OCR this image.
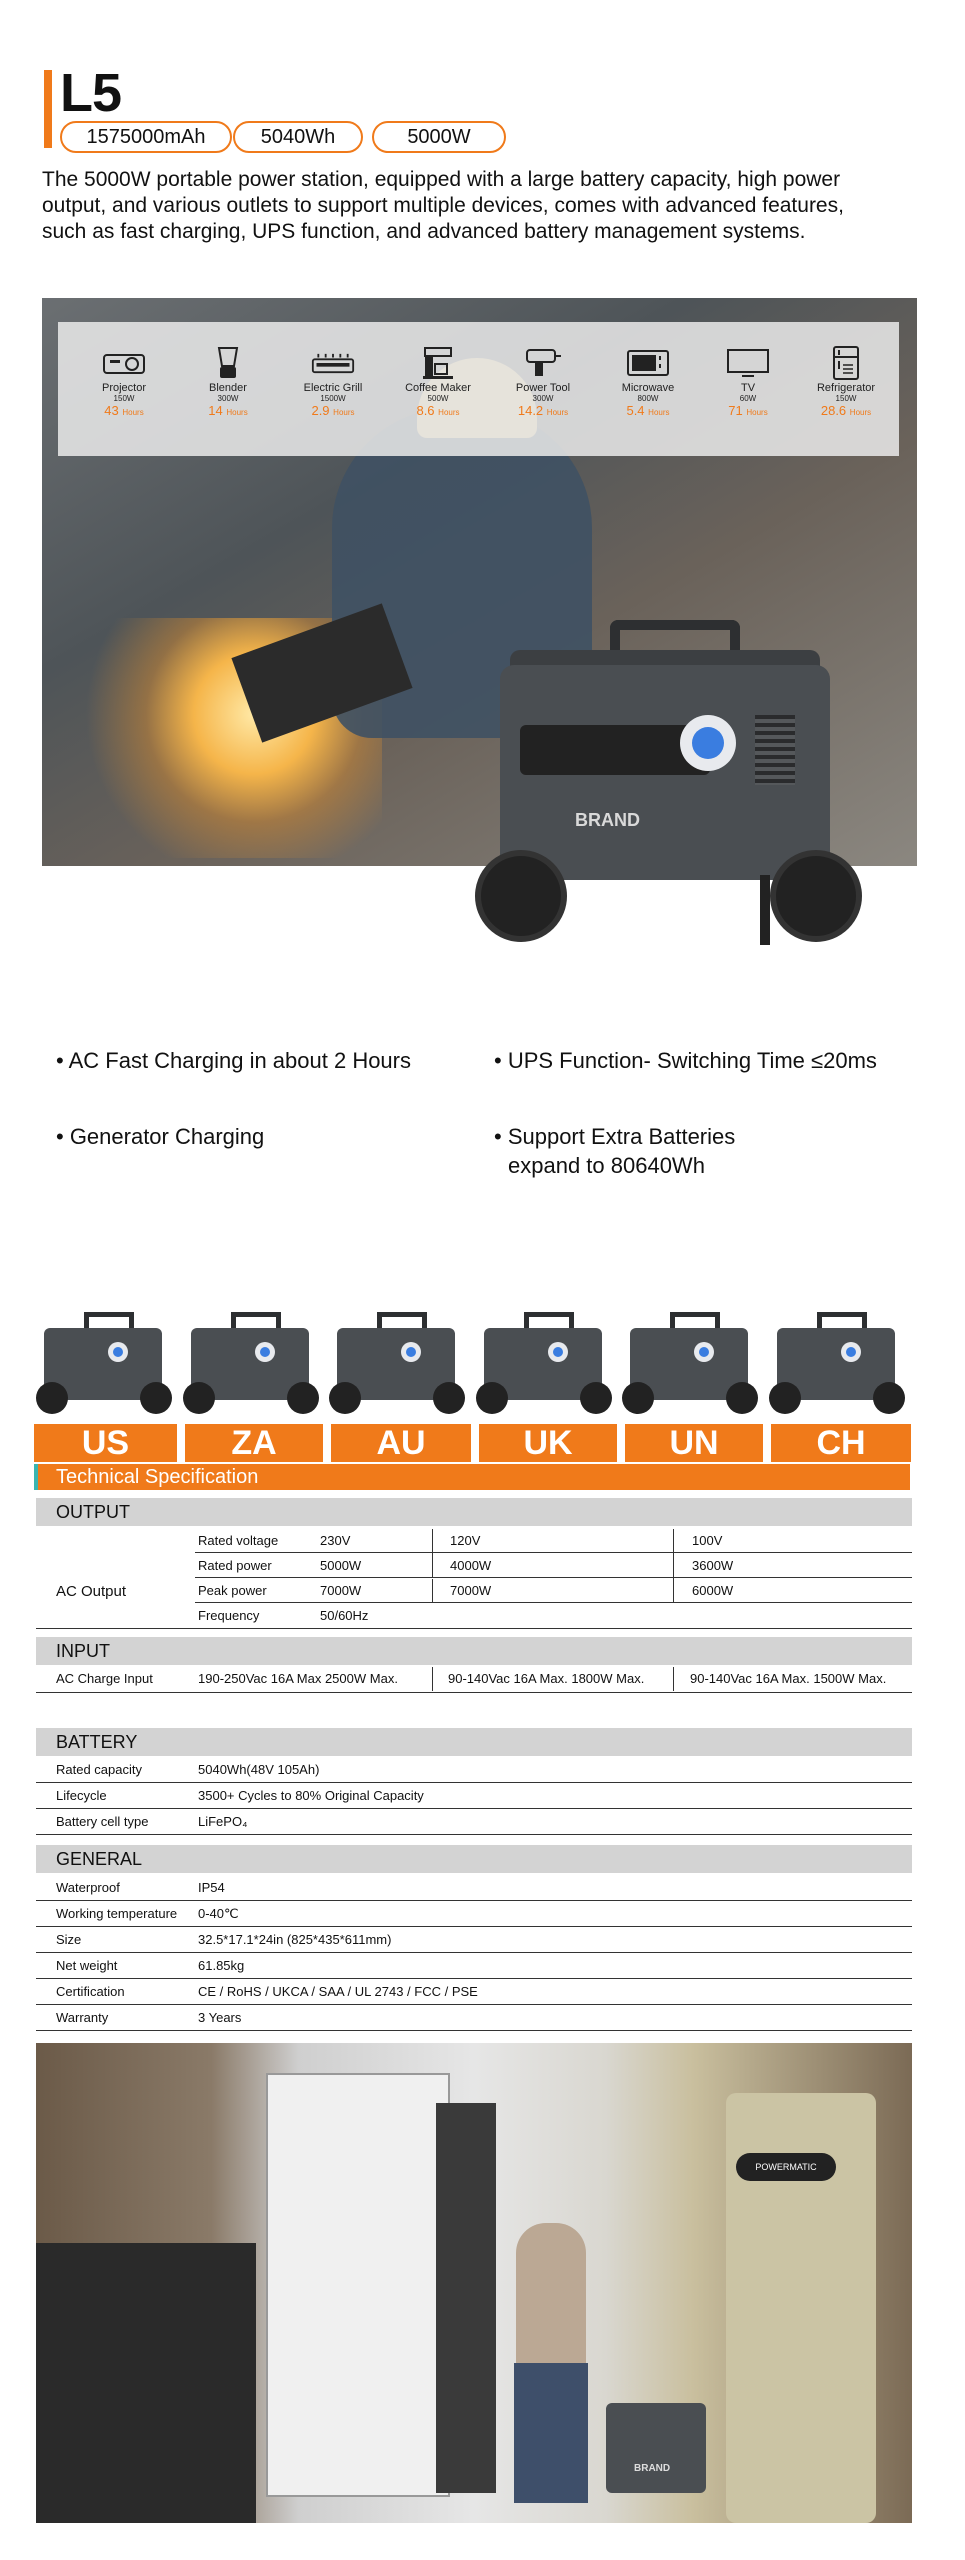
L5
1575000mAh	5040Wh	5000W
The 5000W portable power station, equipped with a large battery capacity, high power output, and various outlets to support multiple devices, comes with advanced features, such as fast charging, UPS function, and advanced battery management systems.
Projector
150W
43 Hours
Blender
300W
14 Hours
Electric Grill
1500W
2.9 Hours
Coffee Maker
500W
8.6 Hours
Power Tool
300W
14.2 Hours
Microwave
800W
5.4 Hours
TV
60W
71 Hours
Refrigerator
150W
28.6 Hours
BRAND
• AC Fast Charging in about 2 Hours	• UPS Function- Switching Time ≤20ms
• Generator Charging	• Support Extra Batteries
expand to 80640Wh
US	ZA	AU	UK	UN	CH
Technical Specification
OUTPUT
AC Output
Rated voltage	230V	120V	100V
Rated power	5000W	4000W	3600W
Peak power	7000W	7000W	6000W
Frequency	50/60Hz
INPUT
AC Charge Input	190-250Vac 16A Max 2500W Max.	90-140Vac 16A Max. 1800W Max.	90-140Vac 16A Max. 1500W Max.
BATTERY
Rated capacity	5040Wh(48V 105Ah)
Lifecycle	3500+ Cycles to 80% Original Capacity
Battery cell type	LiFePO₄
GENERAL
Waterproof	IP54
Working temperature 0-40℃
Size	32.5*17.1*24in (825*435*611mm)
Net weight	61.85kg
Certification	CE / RoHS / UKCA / SAA / UL 2743 / FCC / PSE
Warranty	3 Years
BRAND
POWERMATIC
